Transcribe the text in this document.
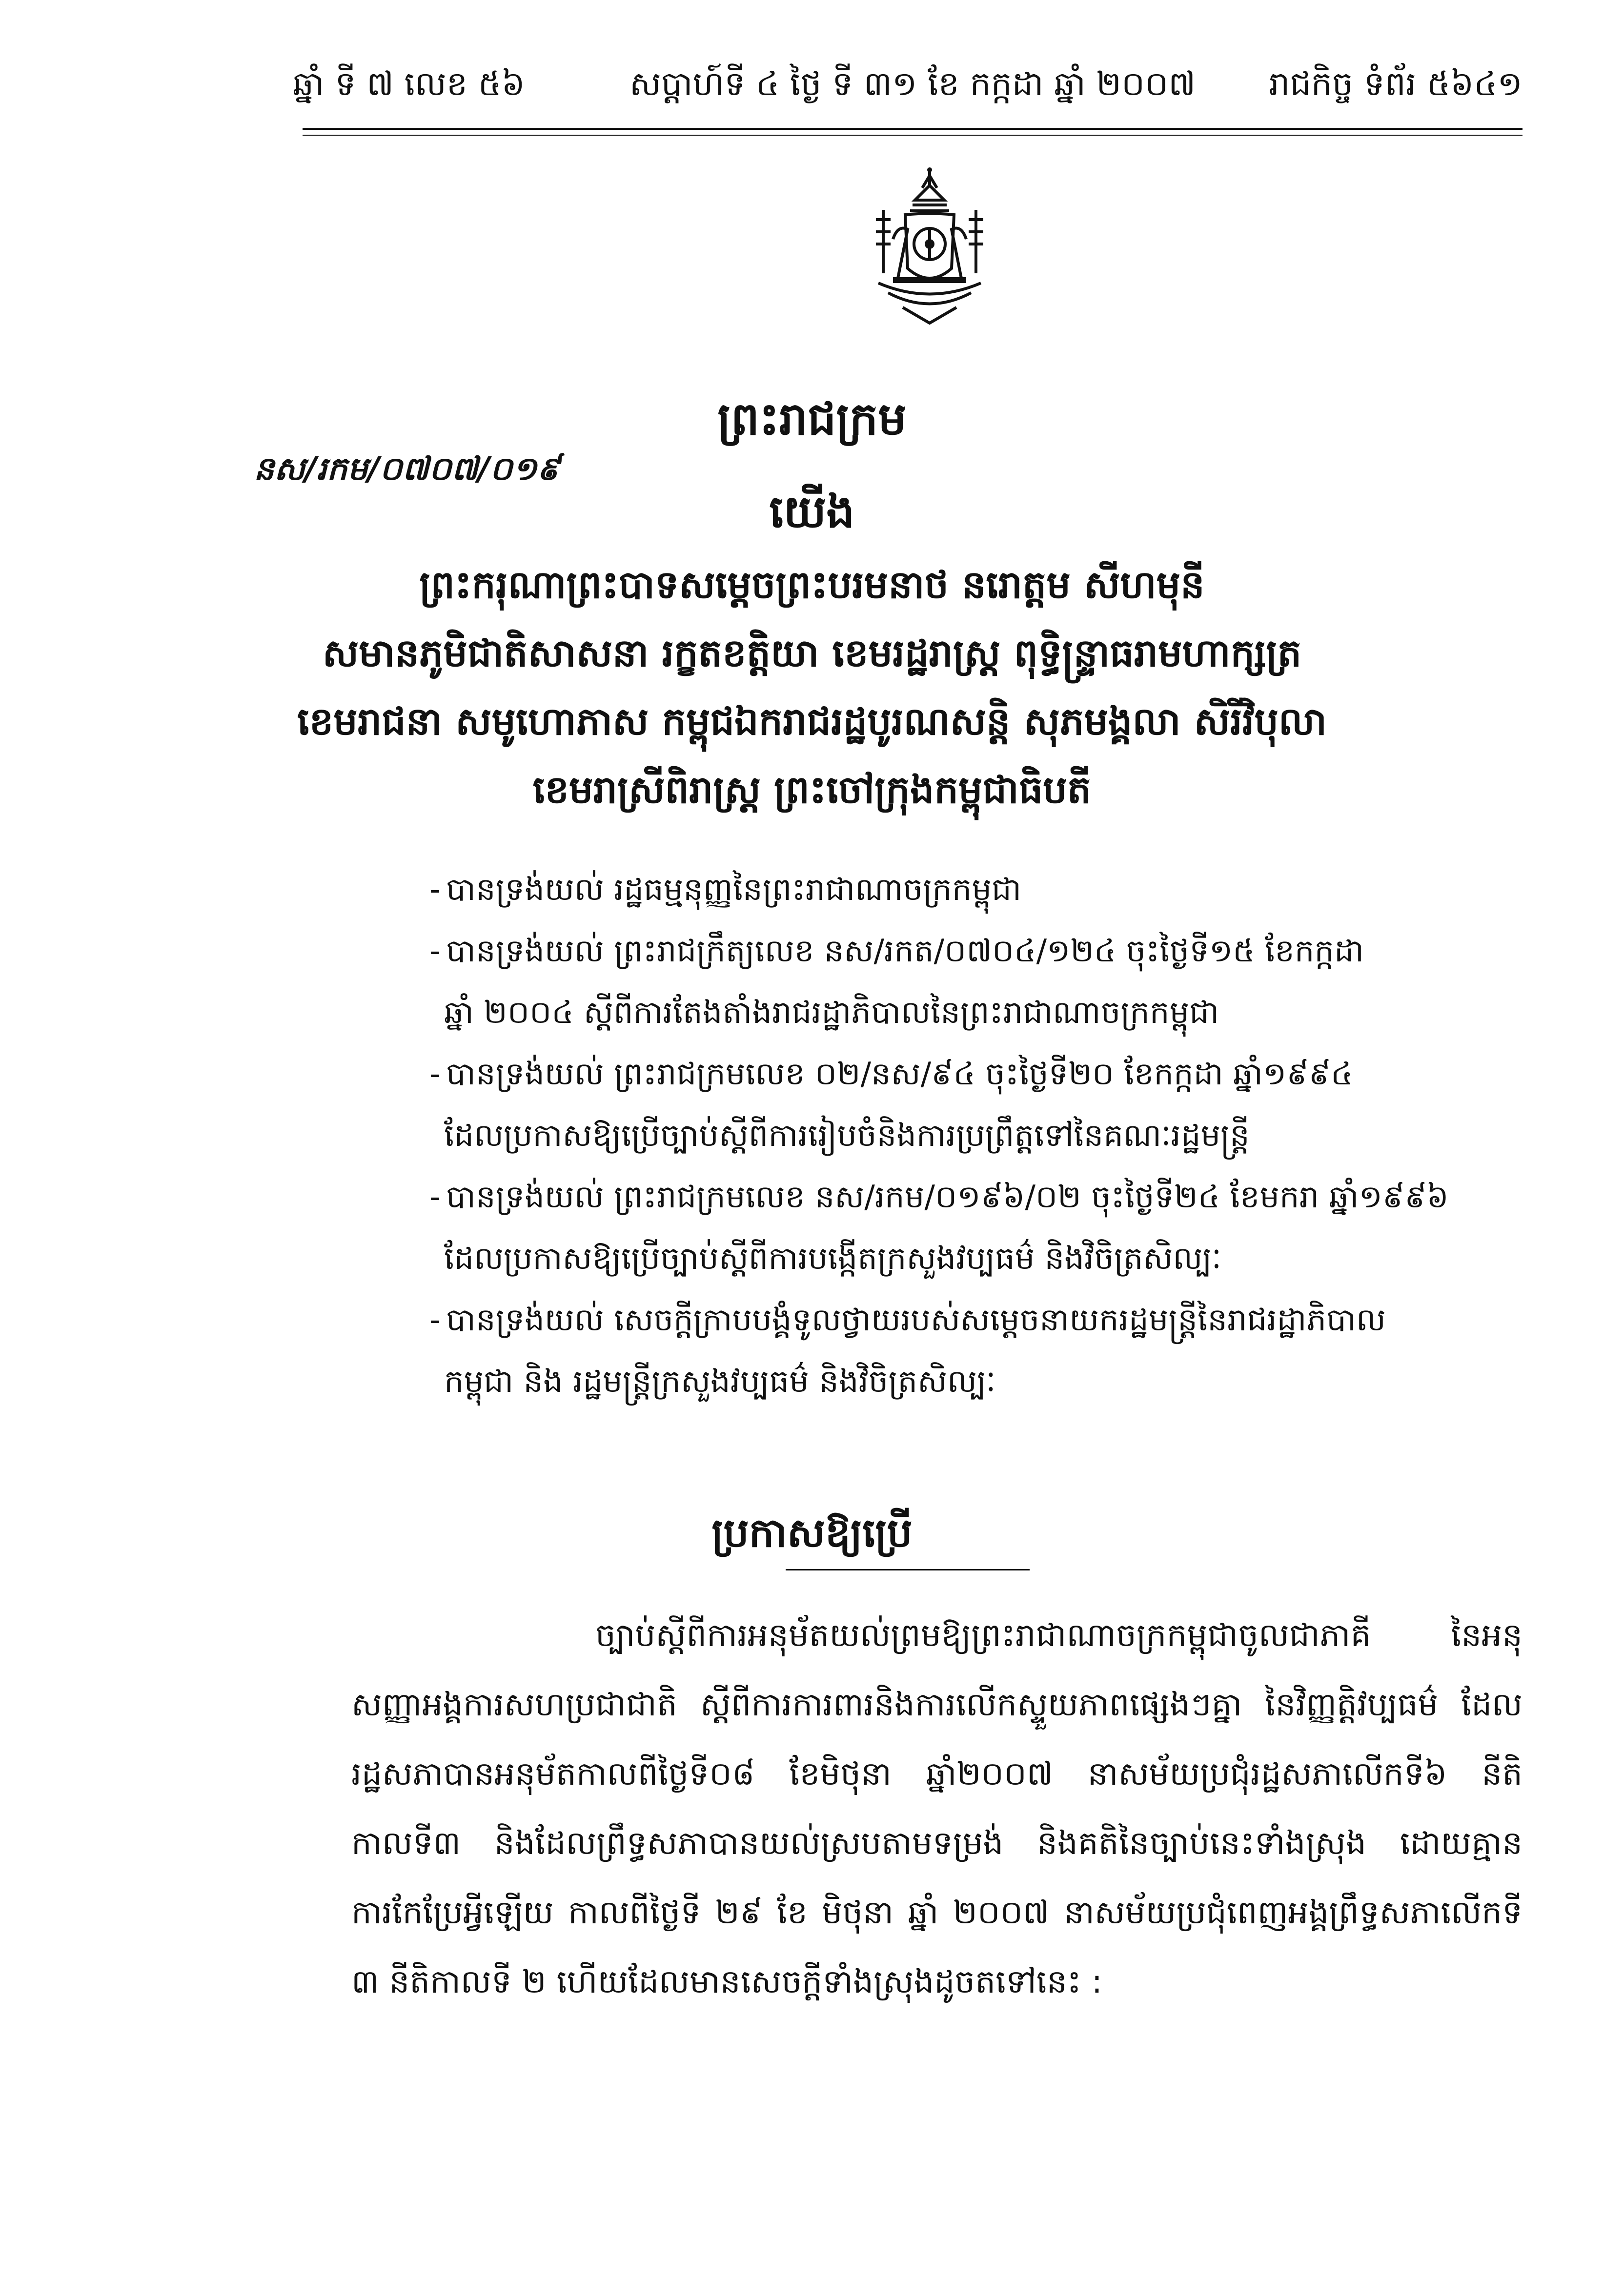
ឆ្នាំ ទី ៧ លេខ ៥៦	សប្តាហ៍ទី ៤ ថ្ងៃ ទី ៣១ ខែ កក្កដា ឆ្នាំ ២០០៧ រាជកិច្ច ទំព័រ ៥៦៤១
ព្រះរាជក្រម
នស/រកម/០៧០៧/០១៩
យើង
ព្រះករុណាព្រះបាទសម្តេចព្រះបរមនាថ នរោត្តម សីហមុនី
សមានភូមិជាតិសាសនា រក្ខតខត្តិយា ខេមរដ្ឋរាស្ត្រ ពុទ្ធិន្ទ្រាធរាមហាក្សត្រ
ខេមរាជនា សមូហោភាស កម្ពុជឯករាជរដ្ឋបូរណសន្តិ សុភមង្គលា សិរីវិបុលា
ខេមរាស្រីពិរាស្ត្រ ព្រះចៅក្រុងកម្ពុជាធិបតី

- បានទ្រង់យល់ រដ្ឋធម្មនុញ្ញនៃព្រះរាជាណាចក្រកម្ពុជា

- បានទ្រង់យល់ ព្រះរាជក្រឹត្យលេខ នស/រកត/០៧០៤/១២៤ ចុះថ្ងៃទី១៥ ខែកក្កដា
ឆ្នាំ ២០០៤ ស្តីពីការតែងតាំងរាជរដ្ឋាភិបាលនៃព្រះរាជាណាចក្រកម្ពុជា

- បានទ្រង់យល់ ព្រះរាជក្រមលេខ ០២/នស/៩៤ ចុះថ្ងៃទី២០ ខែកក្កដា ឆ្នាំ១៩៩៤
ដែលប្រកាសឱ្យប្រើច្បាប់ស្តីពីការរៀបចំនិងការប្រព្រឹត្តទៅនៃគណៈរដ្ឋមន្ត្រី

- បានទ្រង់យល់ ព្រះរាជក្រមលេខ នស/រកម/០១៩៦/០២ ចុះថ្ងៃទី២៤ ខែមករា ឆ្នាំ១៩៩៦
ដែលប្រកាសឱ្យប្រើច្បាប់ស្តីពីការបង្កើតក្រសួងវប្បធម៌ និងវិចិត្រសិល្បៈ

- បានទ្រង់យល់ សេចក្តីក្រាបបង្គំទូលថ្វាយរបស់សម្តេចនាយករដ្ឋមន្ត្រីនៃរាជរដ្ឋាភិបាល
កម្ពុជា និង រដ្ឋមន្ត្រីក្រសួងវប្បធម៌ និងវិចិត្រសិល្បៈ

ប្រកាសឱ្យប្រើ

ច្បាប់ស្តីពីការអនុម័តយល់ព្រមឱ្យព្រះរាជាណាចក្រកម្ពុជាចូលជាភាគី នៃអនុសញ្ញាអង្គការសហប្រជាជាតិ ស្តីពីការការពារនិងការលើកស្ទួយភាពផ្សេងៗគ្នា នៃវិញ្ញត្តិវប្បធម៌ ដែលរដ្ឋសភាបានអនុម័តកាលពីថ្ងៃទី០៨ ខែមិថុនា ឆ្នាំ២០០៧ នាសម័យប្រជុំរដ្ឋសភាលើកទី៦ នីតិកាលទី៣ និងដែលព្រឹទ្ធសភាបានយល់ស្របតាមទម្រង់ និងគតិនៃច្បាប់នេះទាំងស្រុង ដោយគ្មានការកែប្រែអ្វីឡើយ កាលពីថ្ងៃទី ២៩ ខែ មិថុនា ឆ្នាំ ២០០៧ នាសម័យប្រជុំពេញអង្គព្រឹទ្ធសភាលើកទី ៣ នីតិកាលទី ២ ហើយដែលមានសេចក្តីទាំងស្រុងដូចតទៅនេះ :
